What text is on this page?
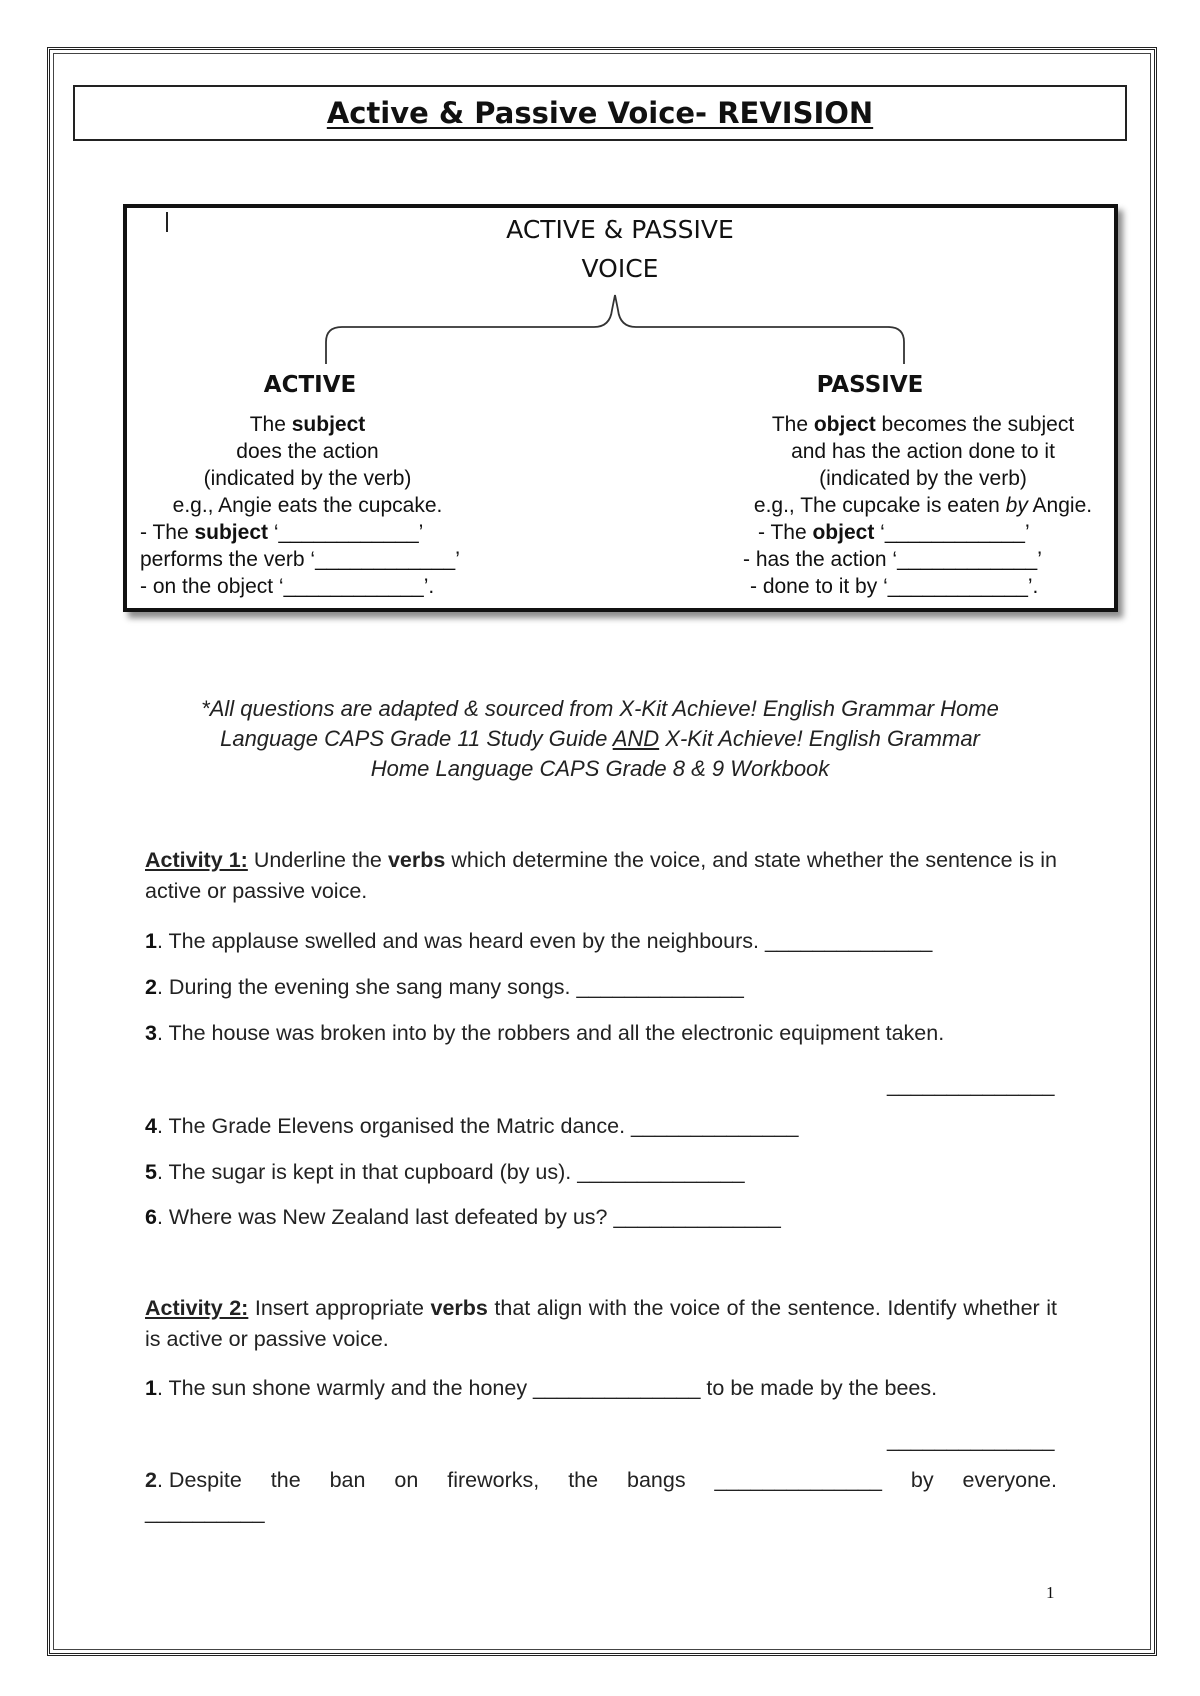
Active & Passive Voice- REVISION
ACTIVE & PASSIVE
VOICE
ACTIVE	PASSIVE
The subject
does the action
(indicated by the verb)
e.g., Angie eats the cupcake.
- The subject ‘____________’
performs the verb ‘____________’
- on the object ‘____________’.
The object becomes the subject
and has the action done to it
(indicated by the verb)
e.g., The cupcake is eaten by Angie.
- The object ‘____________’
- has the action ‘____________’
- done to it by ‘____________’.
*All questions are adapted & sourced from X-Kit Achieve! English Grammar Home
Language CAPS Grade 11 Study Guide AND X-Kit Achieve! English Grammar
Home Language CAPS Grade 8 & 9 Workbook
Activity 1: Underline the verbs which determine the voice, and state whether the sentence is in active or passive voice.
1. The applause swelled and was heard even by the neighbours. ______________
2. During the evening she sang many songs. ______________
3. The house was broken into by the robbers and all the electronic equipment taken.
______________
4. The Grade Elevens organised the Matric dance. ______________
5. The sugar is kept in that cupboard (by us). ______________
6. Where was New Zealand last defeated by us? ______________
Activity 2: Insert appropriate verbs that align with the voice of the sentence. Identify whether it is active or passive voice.
1. The sun shone warmly and the honey ______________ to be made by the bees.
______________
2. Despite the ban on fireworks, the bangs ______________ by everyone.
__________
1
